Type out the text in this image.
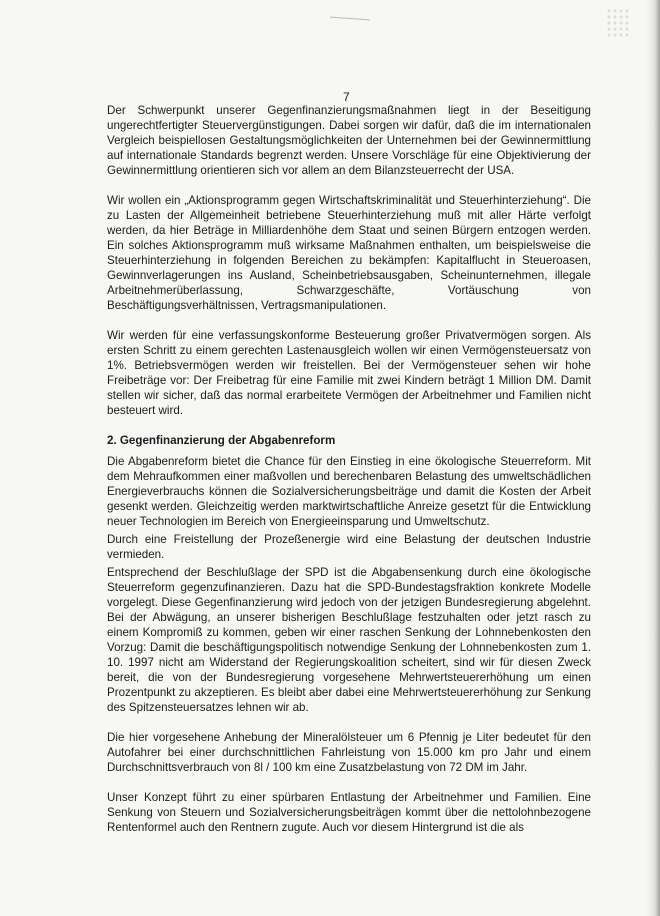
7

Der Schwerpunkt unserer Gegenfinanzierungsmaßnahmen liegt in der Beseitigung ungerechtfertigter Steuervergünstigungen. Dabei sorgen wir dafür, daß die im internationalen Vergleich beispiellosen Gestaltungsmöglichkeiten der Unternehmen bei der Gewinnermittlung auf internationale Standards begrenzt werden. Unsere Vorschläge für eine Objektivierung der Gewinnermittlung orientieren sich vor allem an dem Bilanzsteuerrecht der USA.

Wir wollen ein „Aktionsprogramm gegen Wirtschaftskriminalität und Steuerhinterziehung“. Die zu Lasten der Allgemeinheit betriebene Steuerhinterziehung muß mit aller Härte verfolgt werden, da hier Beträge in Milliardenhöhe dem Staat und seinen Bürgern entzogen werden. Ein solches Aktionsprogramm muß wirksame Maßnahmen enthalten, um beispielsweise die Steuerhinterziehung in folgenden Bereichen zu bekämpfen: Kapitalflucht in Steueroasen, Gewinnverlagerungen ins Ausland, Scheinbetriebsausgaben, Scheinunternehmen, illegale Arbeitnehmerüberlassung, Schwarzgeschäfte, Vortäuschung von Beschäftigungsverhältnissen, Vertragsmanipulationen.

Wir werden für eine verfassungskonforme Besteuerung großer Privatvermögen sorgen. Als ersten Schritt zu einem gerechten Lastenausgleich wollen wir einen Vermögensteuersatz von 1%. Betriebsvermögen werden wir freistellen. Bei der Vermögensteuer sehen wir hohe Freibeträge vor: Der Freibetrag für eine Familie mit zwei Kindern beträgt 1 Million DM. Damit stellen wir sicher, daß das normal erarbeitete Vermögen der Arbeitnehmer und Familien nicht besteuert wird.

2. Gegenfinanzierung der Abgabenreform

Die Abgabenreform bietet die Chance für den Einstieg in eine ökologische Steuerreform. Mit dem Mehraufkommen einer maßvollen und berechenbaren Belastung des umweltschädlichen Energieverbrauchs können die Sozialversicherungsbeiträge und damit die Kosten der Arbeit gesenkt werden. Gleichzeitig werden marktwirtschaftliche Anreize gesetzt für die Entwicklung neuer Technologien im Bereich von Energieeinsparung und Umweltschutz.

Durch eine Freistellung der Prozeßenergie wird eine Belastung der deutschen Industrie vermieden.

Entsprechend der Beschlußlage der SPD ist die Abgabensenkung durch eine ökologische Steuerreform gegenzufinanzieren. Dazu hat die SPD-Bundestagsfraktion konkrete Modelle vorgelegt. Diese Gegenfinanzierung wird jedoch von der jetzigen Bundesregierung abgelehnt. Bei der Abwägung, an unserer bisherigen Beschlußlage festzuhalten oder jetzt rasch zu einem Kompromiß zu kommen, geben wir einer raschen Senkung der Lohnnebenkosten den Vorzug: Damit die beschäftigungspolitisch notwendige Senkung der Lohnnebenkosten zum 1. 10. 1997 nicht am Widerstand der Regierungskoalition scheitert, sind wir für diesen Zweck bereit, die von der Bundesregierung vorgesehene Mehrwertsteuererhöhung um einen Prozentpunkt zu akzeptieren. Es bleibt aber dabei eine Mehrwertsteuererhöhung zur Senkung des Spitzensteuersatzes lehnen wir ab.

Die hier vorgesehene Anhebung der Mineralölsteuer um 6 Pfennig je Liter bedeutet für den Autofahrer bei einer durchschnittlichen Fahrleistung von 15.000 km pro Jahr und einem Durchschnittsverbrauch von 8l / 100 km eine Zusatzbelastung von 72 DM im Jahr.

Unser Konzept führt zu einer spürbaren Entlastung der Arbeitnehmer und Familien. Eine Senkung von Steuern und Sozialversicherungsbeiträgen kommt über die nettolohnbezogene Rentenformel auch den Rentnern zugute. Auch vor diesem Hintergrund ist die als
